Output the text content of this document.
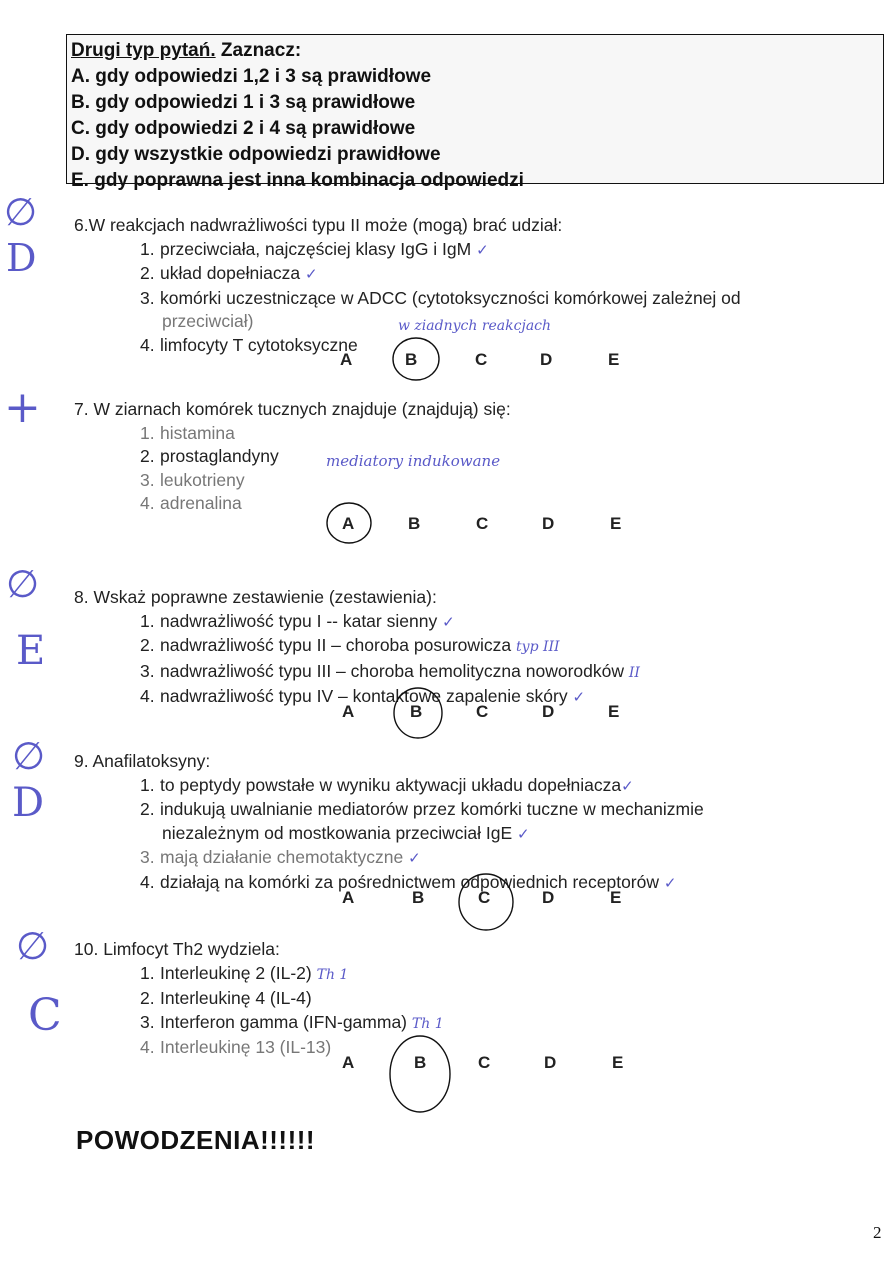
Drugi typ pytań. Zaznacz:
A. gdy odpowiedzi 1,2 i 3 są prawidłowe
B. gdy odpowiedzi 1 i 3 są prawidłowe
C. gdy odpowiedzi 2 i 4 są prawidłowe
D. gdy wszystkie odpowiedzi prawidłowe
E. gdy poprawna jest inna kombinacja odpowiedzi
6.W reakcjach nadwrażliwości typu II może (mogą) brać udział:
1. przeciwciała, najczęściej klasy IgG i IgM ✓
2. układ dopełniacza ✓
3. komórki uczestniczące w ADCC (cytotoksyczności komórkowej zależnej od
przeciwciał)
4. limfocyty T cytotoksyczne
w ziadnych reakcjach
7. W ziarnach komórek tucznych znajduje (znajdują) się:
1. histamina
2. prostaglandyny
3. leukotrieny
4. adrenalina
mediatory indukowane
8. Wskaż poprawne zestawienie (zestawienia):
1. nadwrażliwość typu I -- katar sienny ✓
2. nadwrażliwość typu II – choroba posurowicza typ III
3. nadwrażliwość typu III – choroba hemolityczna noworodków II
4. nadwrażliwość typu IV – kontaktowe zapalenie skóry ✓
9. Anafilatoksyny:
1. to peptydy powstałe w wyniku aktywacji układu dopełniacza✓
2. indukują uwalnianie mediatorów przez komórki tuczne w mechanizmie
niezależnym od mostkowania przeciwciał IgE ✓
3. mają działanie chemotaktyczne ✓
4. działają na komórki za pośrednictwem odpowiednich receptorów ✓
10. Limfocyt Th2 wydziela:
1. Interleukinę 2 (IL-2) Th 1
2. Interleukinę 4 (IL-4)
3. Interferon gamma (IFN-gamma) Th 1
4. Interleukinę 13 (IL-13)
A	B	C	D	E
A	B	C	D	E
A	B	C	D	E
A	B	C	D	E
A	B	C	D	E
∅
D
+
∅
E
∅
D
∅
C
POWODZENIA!!!!!!
2
